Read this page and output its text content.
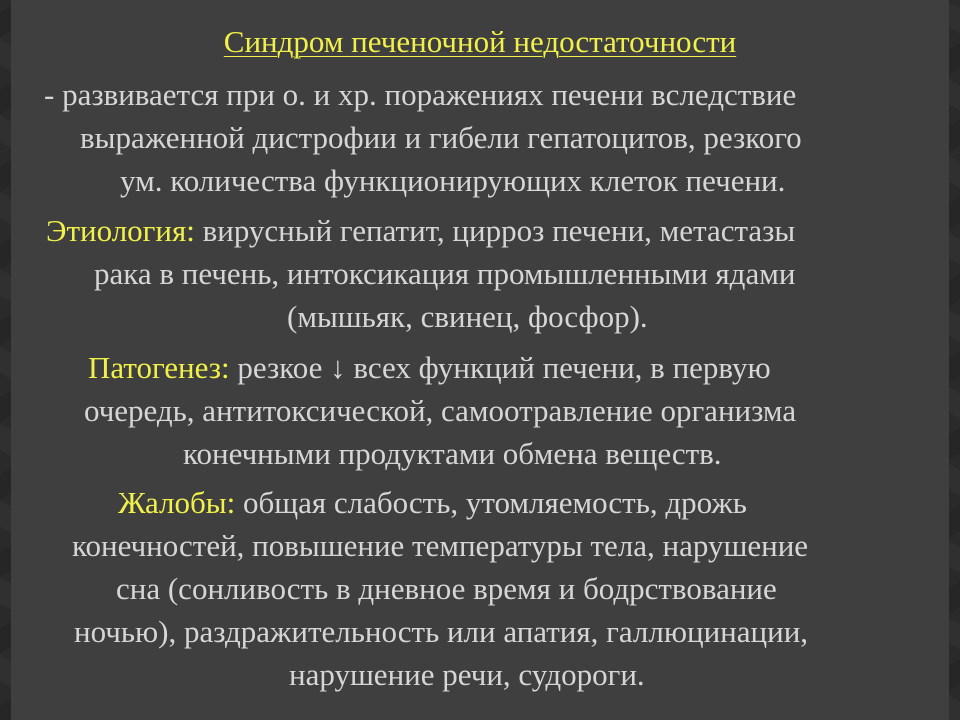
Синдром печеночной недостаточности
- развивается при о. и хр. поражениях печени вследствие
выраженной дистрофии и гибели гепатоцитов, резкого
ум. количества функционирующих клеток печени.
Этиология: вирусный гепатит, цирроз печени, метастазы
рака в печень, интоксикация промышленными ядами
(мышьяк, свинец, фосфор).
Патогенез: резкое ↓ всех функций печени, в первую
очередь, антитоксической, самоотравление организма
конечными продуктами обмена веществ.
Жалобы: общая слабость, утомляемость, дрожь
конечностей, повышение температуры тела, нарушение
сна (сонливость в дневное время и бодрствование
ночью), раздражительность или апатия, галлюцинации,
нарушение речи, судороги.
